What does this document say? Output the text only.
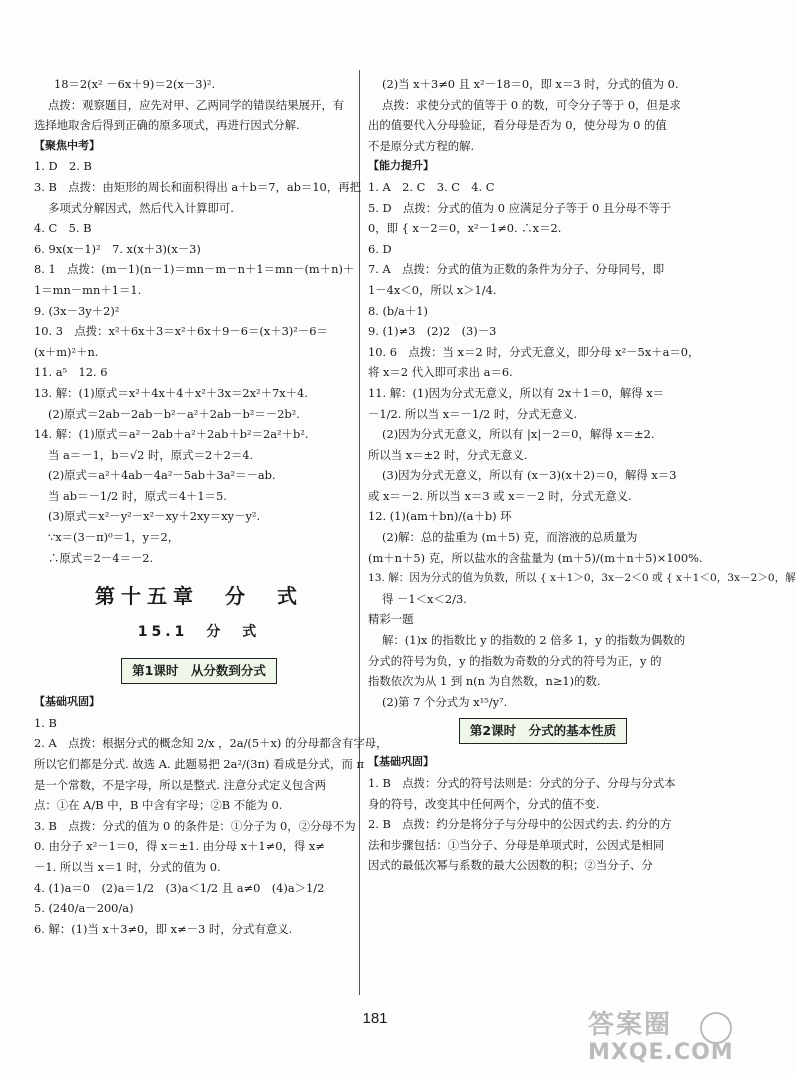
18＝2(x² －6x＋9)＝2(x－3)².
点拨：观察题目，应先对甲、乙两同学的错误结果展开，有
选择地取舍后得到正确的原多项式，再进行因式分解.
【聚焦中考】
1. D　2. B
3. B　点拨：由矩形的周长和面积得出 a＋b＝7，ab＝10，再把
多项式分解因式，然后代入计算即可.
4. C　5. B
6. 9x(x－1)²　7. x(x＋3)(x－3)
8. 1　点拨：(m－1)(n－1)＝mn－m－n＋1＝mn－(m＋n)＋
1＝mn－mn＋1＝1.
9. (3x－3y＋2)²
10. 3　点拨：x²＋6x＋3＝x²＋6x＋9－6＝(x＋3)²－6＝
(x＋m)²＋n.
11. a⁵　12. 6
13. 解：(1)原式＝x²＋4x＋4＋x²＋3x＝2x²＋7x＋4.
(2)原式＝2ab－2ab－b²－a²＋2ab－b²＝－2b².
14. 解：(1)原式＝a²－2ab＋a²＋2ab＋b²＝2a²＋b².
当 a＝－1，b＝√2 时，原式＝2＋2＝4.
(2)原式＝a²＋4ab－4a²－5ab＋3a²＝－ab.
当 ab＝－1/2 时，原式＝4＋1＝5.
(3)原式＝x²－y²－x²－xy＋2xy＝xy－y².
∵x＝(3－π)⁰＝1，y＝2，
∴原式＝2－4＝－2.
第十五章　分　式
15.1　分　式
第1课时　从分数到分式
【基础巩固】
1. B
2. A　点拨：根据分式的概念知 2/x ，2a/(5＋x) 的分母都含有字母，
所以它们都是分式. 故选 A. 此题易把 2a²/(3π) 看成是分式，而 π
是一个常数，不是字母，所以是整式. 注意分式定义包含两
点：①在 A/B 中，B 中含有字母；②B 不能为 0.
3. B　点拨：分式的值为 0 的条件是：①分子为 0，②分母不为
0. 由分子 x²－1＝0，得 x＝±1. 由分母 x＋1≠0，得 x≠
－1. 所以当 x＝1 时，分式的值为 0.
4. (1)a＝0　(2)a＝1/2　(3)a＜1/2 且 a≠0　(4)a＞1/2
5. (240/a－200/a)
6. 解：(1)当 x＋3≠0，即 x≠－3 时，分式有意义.
(2)当 x＋3≠0 且 x²－18＝0，即 x＝3 时，分式的值为 0.
点拨：求使分式的值等于 0 的数，可令分子等于 0，但是求
出的值要代入分母验证，看分母是否为 0，使分母为 0 的值
不是原分式方程的解.
【能力提升】
1. A　2. C　3. C　4. C
5. D　点拨：分式的值为 0 应满足分子等于 0 且分母不等于
0，即 { x－2＝0，x²－1≠0. ∴x＝2.
6. D
7. A　点拨：分式的值为正数的条件为分子、分母同号，即
1－4x＜0，所以 x＞1/4.
8. (b/a＋1)
9. (1)≠3　(2)2　(3)－3
10. 6　点拨：当 x＝2 时，分式无意义，即分母 x²－5x＋a＝0，
将 x＝2 代入即可求出 a＝6.
11. 解：(1)因为分式无意义，所以有 2x＋1＝0，解得 x＝
－1/2. 所以当 x＝－1/2 时，分式无意义.
(2)因为分式无意义，所以有 |x|－2＝0，解得 x＝±2.
所以当 x＝±2 时，分式无意义.
(3)因为分式无意义，所以有 (x－3)(x＋2)＝0，解得 x＝3
或 x＝－2. 所以当 x＝3 或 x＝－2 时，分式无意义.
12. (1)(am＋bn)/(a＋b) 环
(2)解：总的盐重为 (m＋5) 克，而溶液的总质量为
(m＋n＋5) 克，所以盐水的含盐量为 (m＋5)/(m＋n＋5)×100%.
13. 解：因为分式的值为负数，所以 { x＋1＞0，3x－2＜0 或 { x＋1＜0，3x－2＞0，解
得 －1＜x＜2/3.
精彩一题
解：(1)x 的指数比 y 的指数的 2 倍多 1，y 的指数为偶数的
分式的符号为负，y 的指数为奇数的分式的符号为正，y 的
指数依次为从 1 到 n(n 为自然数，n≥1)的数.
(2)第 7 个分式为 x¹⁵/y⁷.
第2课时　分式的基本性质
【基础巩固】
1. B　点拨：分式的符号法则是：分式的分子、分母与分式本
身的符号，改变其中任何两个，分式的值不变.
2. B　点拨：约分是将分子与分母中的公因式约去. 约分的方
法和步骤包括：①当分子、分母是单项式时，公因式是相同
因式的最低次幂与系数的最大公因数的积；②当分子、分
181	答案圈
MXQE.COM
